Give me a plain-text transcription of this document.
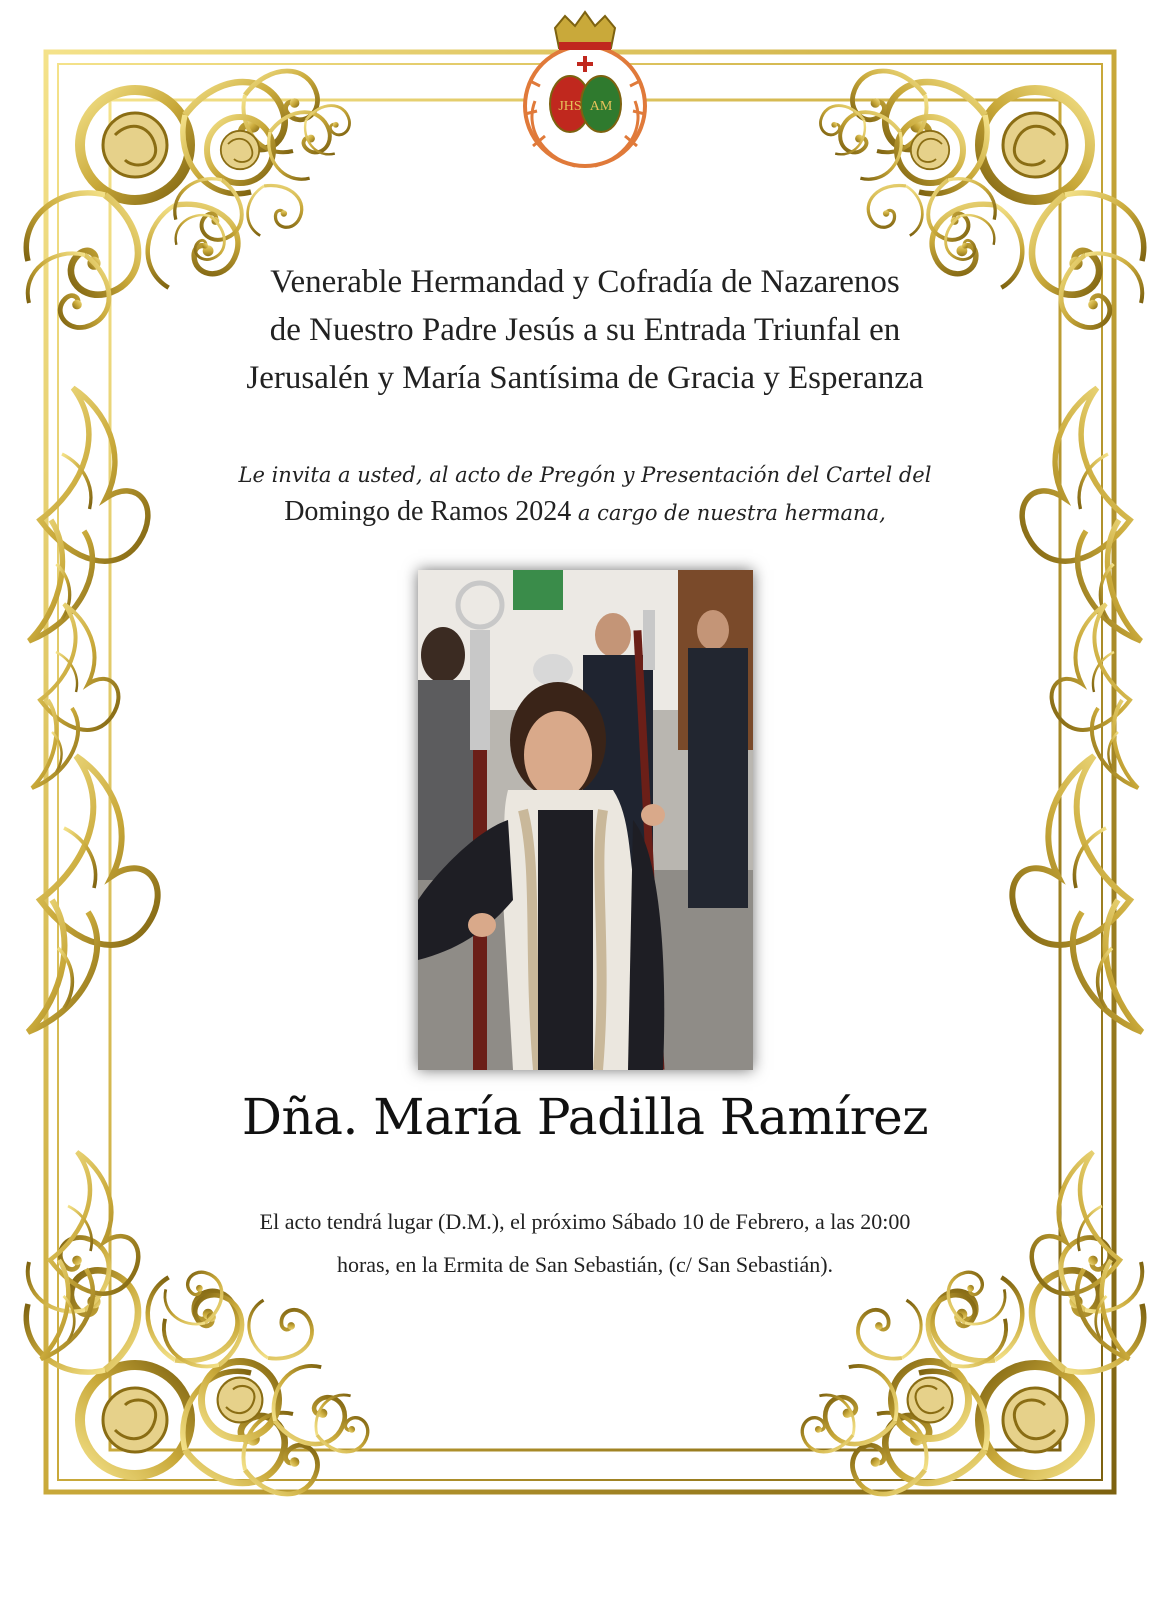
JHS AM
Venerable Hermandad y Cofradía de Nazarenos
de Nuestro Padre Jesús a su Entrada Triunfal en
Jerusalén y María Santísima de Gracia y Esperanza
Le invita a usted, al acto de Pregón y Presentación del Cartel del
Domingo de Ramos 2024 a cargo de nuestra hermana,
Dña. María Padilla Ramírez
El acto tendrá lugar (D.M.), el próximo Sábado 10 de Febrero, a las 20:00
horas, en la Ermita de San Sebastián, (c/ San Sebastián).
